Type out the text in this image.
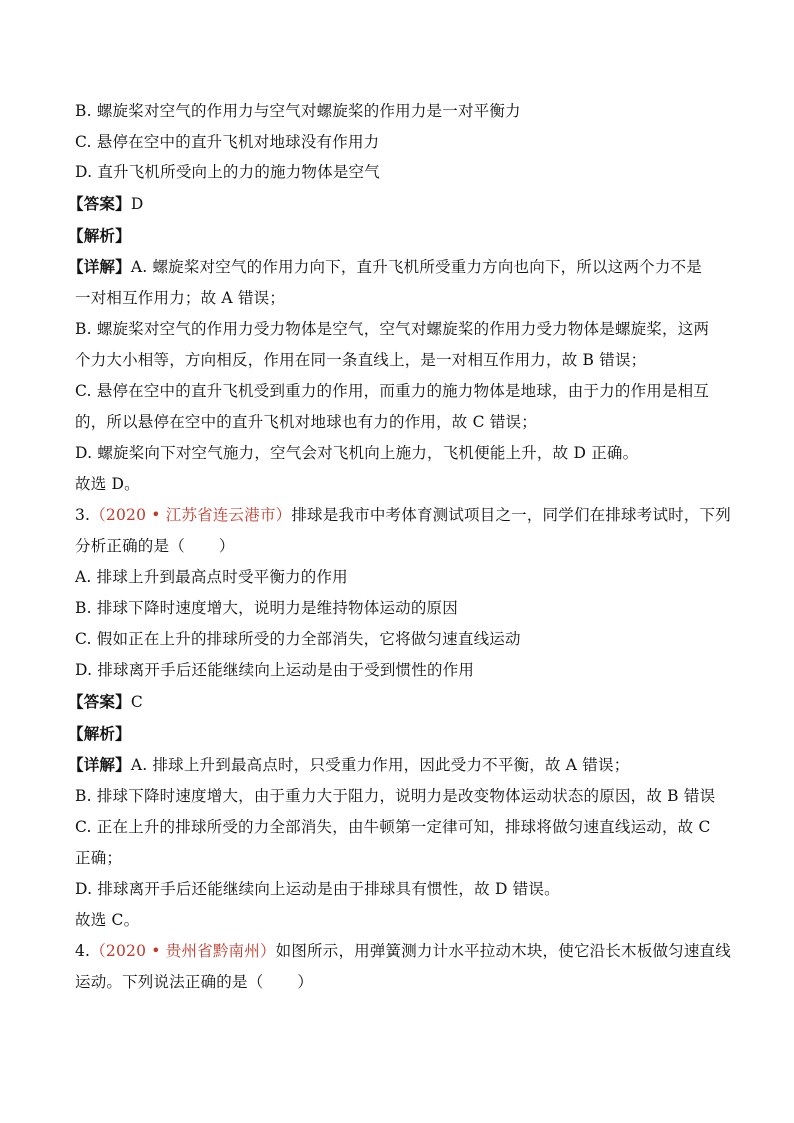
B. 螺旋桨对空气的作用力与空气对螺旋桨的作用力是一对平衡力
C. 悬停在空中的直升飞机对地球没有作用力
D. 直升飞机所受向上的力的施力物体是空气
【答案】D
【解析】
【详解】A. 螺旋桨对空气的作用力向下，直升飞机所受重力方向也向下，所以这两个力不是
一对相互作用力；故 A 错误；
B. 螺旋桨对空气的作用力受力物体是空气，空气对螺旋桨的作用力受力物体是螺旋桨，这两
个力大小相等，方向相反，作用在同一条直线上，是一对相互作用力，故 B 错误；
C. 悬停在空中的直升飞机受到重力的作用，而重力的施力物体是地球，由于力的作用是相互
的，所以悬停在空中的直升飞机对地球也有力的作用，故 C 错误；
D. 螺旋桨向下对空气施力，空气会对飞机向上施力，飞机便能上升，故 D 正确。
故选 D。
3.（2020 • 江苏省连云港市）排球是我市中考体育测试项目之一，同学们在排球考试时，下列
分析正确的是（ ）
A. 排球上升到最高点时受平衡力的作用
B. 排球下降时速度增大，说明力是维持物体运动的原因
C. 假如正在上升的排球所受的力全部消失，它将做匀速直线运动
D. 排球离开手后还能继续向上运动是由于受到惯性的作用
【答案】C
【解析】
【详解】A. 排球上升到最高点时，只受重力作用，因此受力不平衡，故 A 错误；
B. 排球下降时速度增大，由于重力大于阻力，说明力是改变物体运动状态的原因，故 B 错误
C. 正在上升的排球所受的力全部消失，由牛顿第一定律可知，排球将做匀速直线运动，故 C
正确；
D. 排球离开手后还能继续向上运动是由于排球具有惯性，故 D 错误。
故选 C。
4.（2020 • 贵州省黔南州）如图所示，用弹簧测力计水平拉动木块，使它沿长木板做匀速直线
运动。下列说法正确的是（ ）
